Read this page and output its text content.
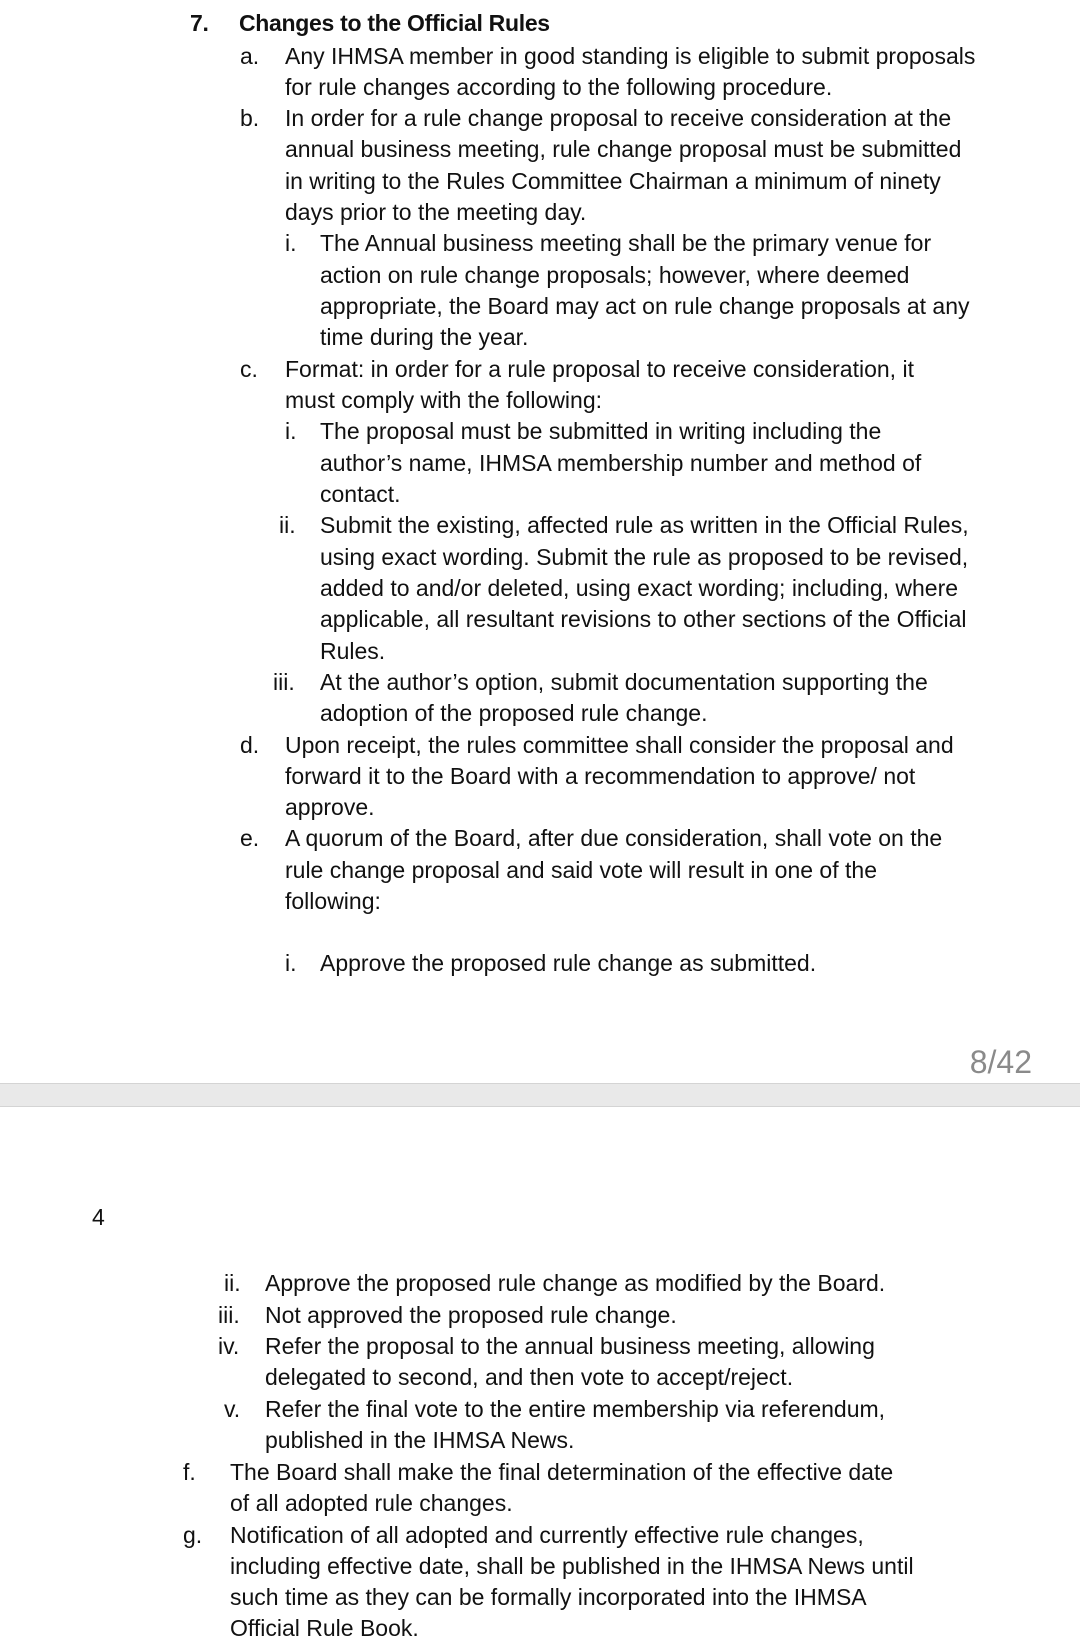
7. Changes to the Official Rules
a. Any IHMSA member in good standing is eligible to submit proposals
for rule changes according to the following procedure.
b. In order for a rule change proposal to receive consideration at the
annual business meeting, rule change proposal must be submitted
in writing to the Rules Committee Chairman a minimum of ninety
days prior to the meeting day.
i. The Annual business meeting shall be the primary venue for
action on rule change proposals; however, where deemed
appropriate, the Board may act on rule change proposals at any
time during the year.
c. Format: in order for a rule proposal to receive consideration, it
must comply with the following:
i. The proposal must be submitted in writing including the
author’s name, IHMSA membership number and method of
contact.
ii. Submit the existing, affected rule as written in the Official Rules,
using exact wording. Submit the rule as proposed to be revised,
added to and/or deleted, using exact wording; including, where
applicable, all resultant revisions to other sections of the Official
Rules.
iii. At the author’s option, submit documentation supporting the
adoption of the proposed rule change.
d. Upon receipt, the rules committee shall consider the proposal and
forward it to the Board with a recommendation to approve/ not
approve.
e. A quorum of the Board, after due consideration, shall vote on the
rule change proposal and said vote will result in one of the
following:
i. Approve the proposed rule change as submitted.
8/42
4
ii. Approve the proposed rule change as modified by the Board.
iii. Not approved the proposed rule change.
iv. Refer the proposal to the annual business meeting, allowing
delegated to second, and then vote to accept/reject.
v. Refer the final vote to the entire membership via referendum,
published in the IHMSA News.
f. The Board shall make the final determination of the effective date
of all adopted rule changes.
g. Notification of all adopted and currently effective rule changes,
including effective date, shall be published in the IHMSA News until
such time as they can be formally incorporated into the IHMSA
Official Rule Book.
